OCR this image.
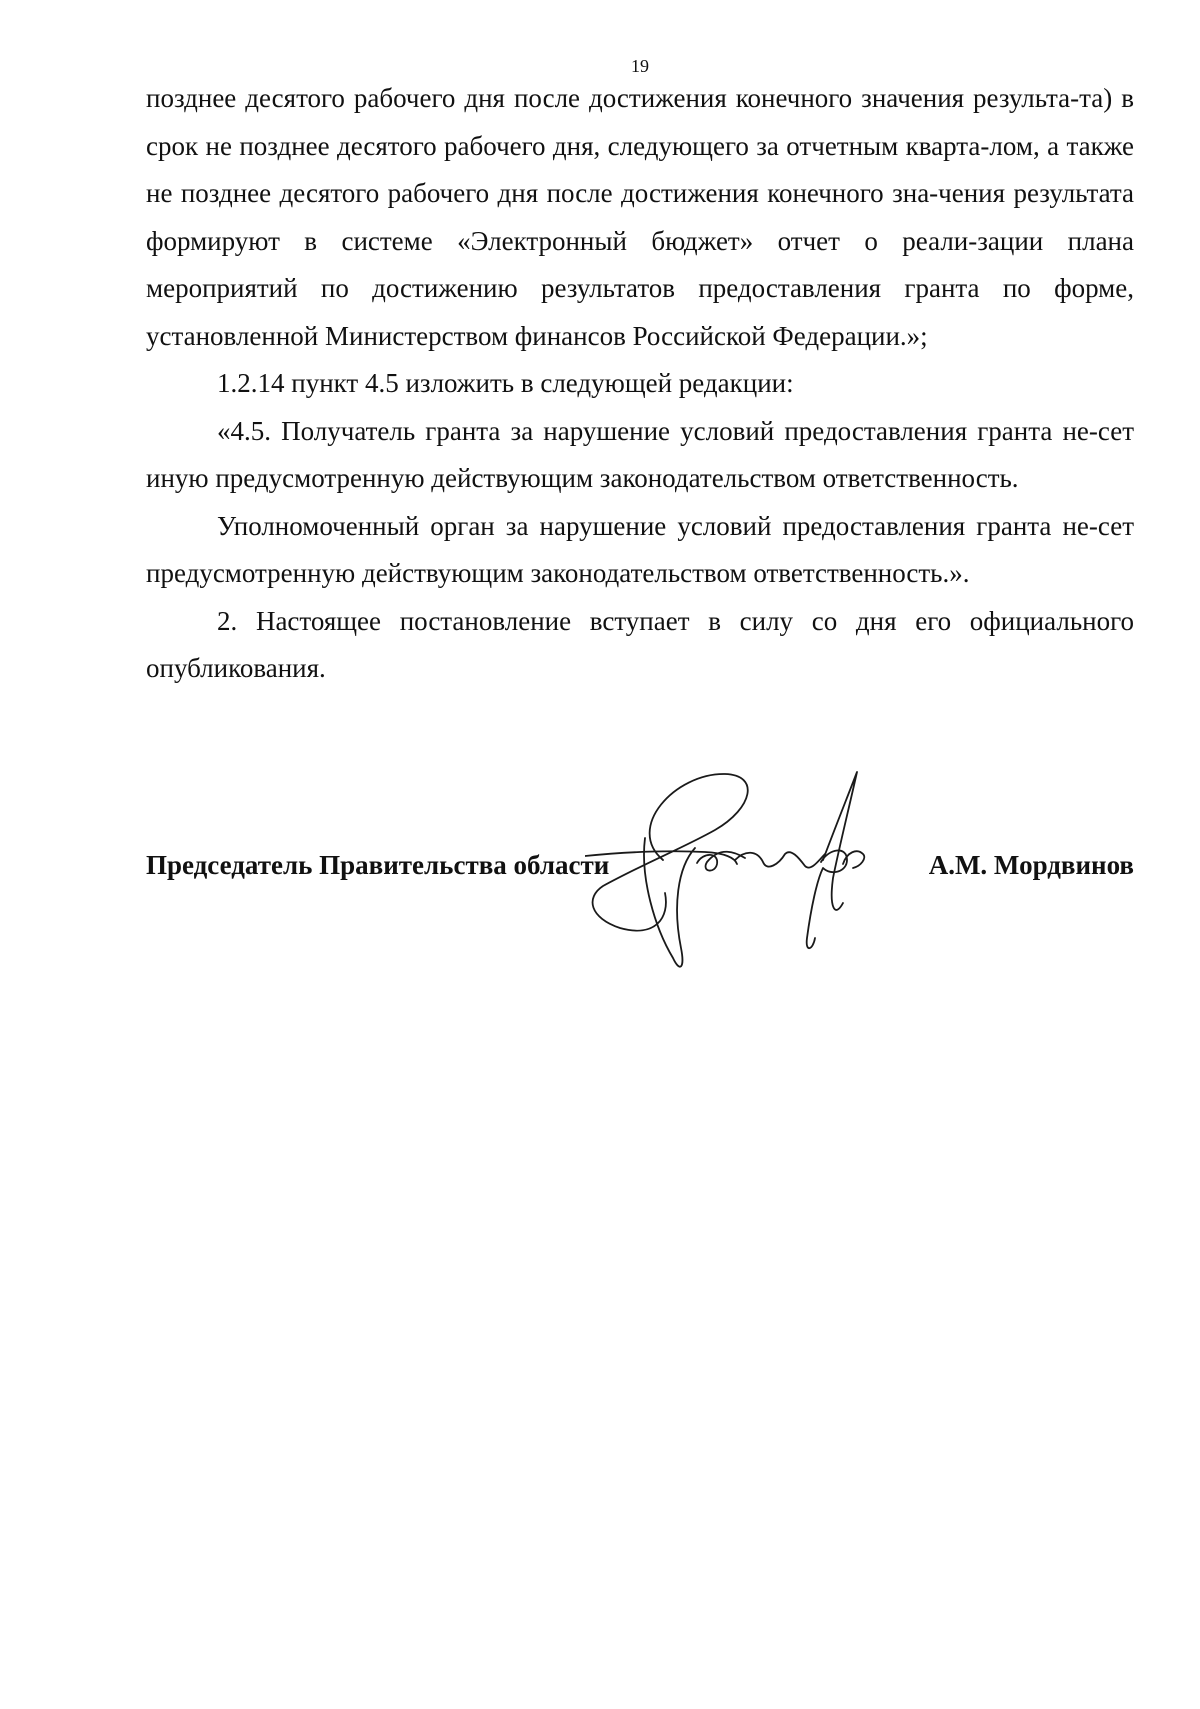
19

позднее десятого рабочего дня после достижения конечного значения результа-та) в срок не позднее десятого рабочего дня, следующего за отчетным кварта-лом, а также не позднее десятого рабочего дня после достижения конечного зна-чения результата формируют в системе «Электронный бюджет» отчет о реали-зации плана мероприятий по достижению результатов предоставления гранта по форме, установленной Министерством финансов Российской Федерации.»;

1.2.14 пункт 4.5 изложить в следующей редакции:

«4.5. Получатель гранта за нарушение условий предоставления гранта не-сет иную предусмотренную действующим законодательством ответственность.

Уполномоченный орган за нарушение условий предоставления гранта не-сет предусмотренную действующим законодательством ответственность.».

2. Настоящее постановление вступает в силу со дня его официального опубликования.

Председатель Правительства области	А.М. Мордвинов
